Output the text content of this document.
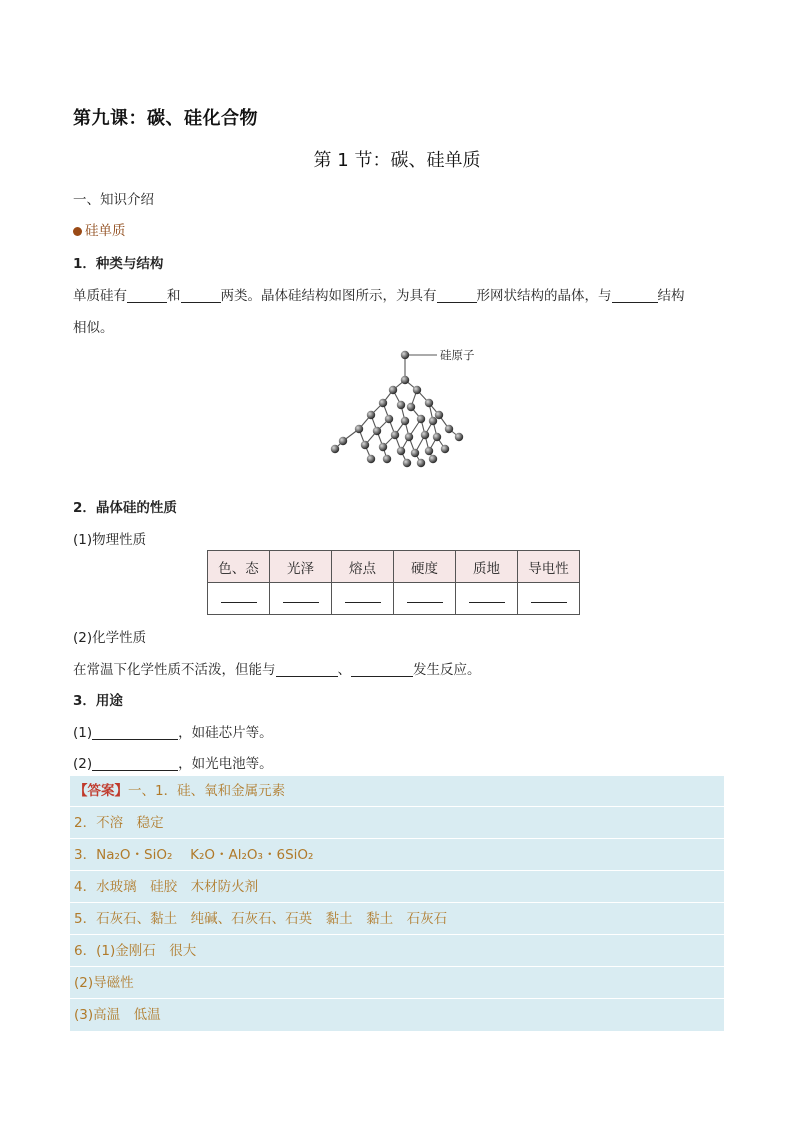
第九课：碳、硅化合物
第 1 节：碳、硅单质
一、知识介绍
硅单质
1．种类与结构
单质硅有	和	两类。晶体硅结构如图所示，为具有	形网状结构的晶体，与	结构
相似。
硅原子
2．晶体硅的性质
(1)物理性质
色、态	光泽	熔点	硬度	质地	导电性

(2)化学性质
在常温下化学性质不活泼，但能与	、	发生反应。
3．用途
(1)	，如硅芯片等。
(2)	，如光电池等。
【答案】一、1．硅、氧和金属元素
2．不溶　稳定
3．Na₂O・SiO₂　 K₂O・Al₂O₃・6SiO₂
4．水玻璃　硅胶　木材防火剂
5．石灰石、黏土　纯碱、石灰石、石英　黏土　黏土　石灰石
6．(1)金刚石　很大
(2)导磁性
(3)高温　低温
